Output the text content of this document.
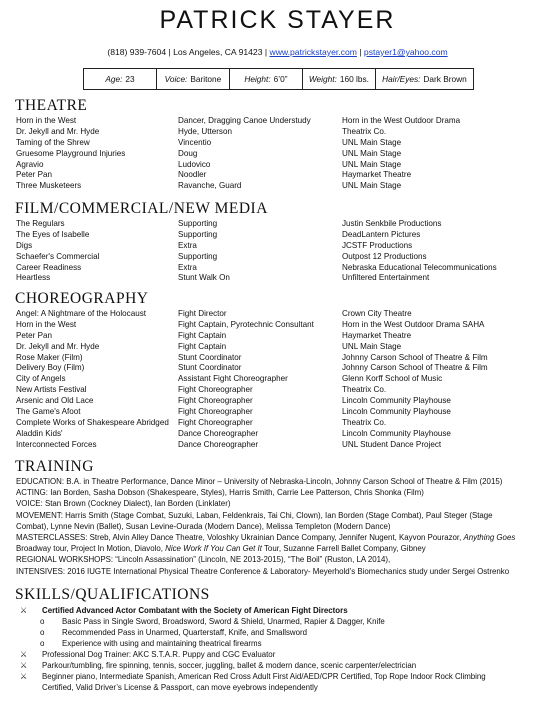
PATRICK STAYER
(818) 939-7604 | Los Angeles, CA 91423 | www.patrickstayer.com | pstayer1@yahoo.com
Age: 23	Voice: Baritone	Height: 6’0”	Weight: 160 lbs. Hair/Eyes: Dark Brown
THEATRE
Horn in the West	Dancer, Dragging Canoe Understudy	Horn in the West Outdoor Drama
Dr. Jekyll and Mr. Hyde	Hyde, Utterson	Theatrix Co.
Taming of the Shrew	Vincentio	UNL Main Stage
Gruesome Playground Injuries	Doug	UNL Main Stage
Agravio	Ludovico	UNL Main Stage
Peter Pan	Noodler	Haymarket Theatre
Three Musketeers	Ravanche, Guard	UNL Main Stage
FILM/COMMERCIAL/NEW MEDIA
The Regulars	Supporting	Justin Senkbile Productions
The Eyes of Isabelle	Supporting	DeadLantern Pictures
Digs	Extra	JCSTF Productions
Schaefer's Commercial	Supporting	Outpost 12 Productions
Career Readiness	Extra	Nebraska Educational Telecommunications
Heartless	Stunt Walk On	Unfiltered Entertainment
CHOREOGRAPHY
Angel: A Nightmare of the Holocaust	Fight Director	Crown City Theatre
Horn in the West	Fight Captain, Pyrotechnic Consultant	Horn in the West Outdoor Drama SAHA
Peter Pan	Fight Captain	Haymarket Theatre
Dr. Jekyll and Mr. Hyde	Fight Captain	UNL Main Stage
Rose Maker (Film)	Stunt Coordinator	Johnny Carson School of Theatre & Film
Delivery Boy (Film)	Stunt Coordinator	Johnny Carson School of Theatre & Film
City of Angels	Assistant Fight Choreographer	Glenn Korff School of Music
New Artists Festival	Fight Choreographer	Theatrix Co.
Arsenic and Old Lace	Fight Choreographer	Lincoln Community Playhouse
The Game's Afoot	Fight Choreographer	Lincoln Community Playhouse
Complete Works of Shakespeare Abridged	Fight Choreographer	Theatrix Co.
Aladdin Kids'	Dance Choreographer	Lincoln Community Playhouse
Interconnected Forces	Dance Choreographer	UNL Student Dance Project
TRAINING
EDUCATION: B.A. in Theatre Performance, Dance Minor – University of Nebraska-Lincoln, Johnny Carson School of Theatre & Film (2015)
ACTING: Ian Borden, Sasha Dobson (Shakespeare, Styles), Harris Smith, Carrie Lee Patterson, Chris Shonka (Film)
VOICE: Stan Brown (Cockney Dialect), Ian Borden (Linklater)
MOVEMENT: Harris Smith (Stage Combat, Suzuki, Laban, Feldenkrais, Tai Chi, Clown), Ian Borden (Stage Combat), Paul Steger (Stage
Combat), Lynne Nevin (Ballet), Susan Levine-Ourada (Modern Dance), Melissa Templeton (Modern Dance)
MASTERCLASSES: Streb, Alvin Alley Dance Theatre, Voloshky Ukrainian Dance Company, Jennifer Nugent, Kayvon Pourazor, Anything Goes
Broadway tour, Project In Motion, Diavolo, Nice Work If You Can Get It Tour, Suzanne Farrell Ballet Company, Gibney
REGIONAL WORKSHOPS: “Lincoln Assassination” (Lincoln, NE 2013-2015), “The Boil” (Ruston, LA 2014),
INTENSIVES: 2016 IUGTE International Physical Theatre Conference & Laboratory- Meyerhold’s Biomechanics study under Sergei Ostrenko
SKILLS/QUALIFICATIONS
⚔	Certified Advanced Actor Combatant with the Society of American Fight Directors
o	Basic Pass in Single Sword, Broadsword, Sword & Shield, Unarmed, Rapier & Dagger, Knife
o	Recommended Pass in Unarmed, Quarterstaff, Knife, and Smallsword
o	Experience with using and maintaining theatrical firearms
⚔	Professional Dog Trainer: AKC S.T.A.R. Puppy and CGC Evaluator
⚔	Parkour/tumbling, fire spinning, tennis, soccer, juggling, ballet & modern dance, scenic carpenter/electrician
⚔	Beginner piano, Intermediate Spanish, American Red Cross Adult First Aid/AED/CPR Certified, Top Rope Indoor Rock Climbing
Certified, Valid Driver’s License & Passport, can move eyebrows independently
